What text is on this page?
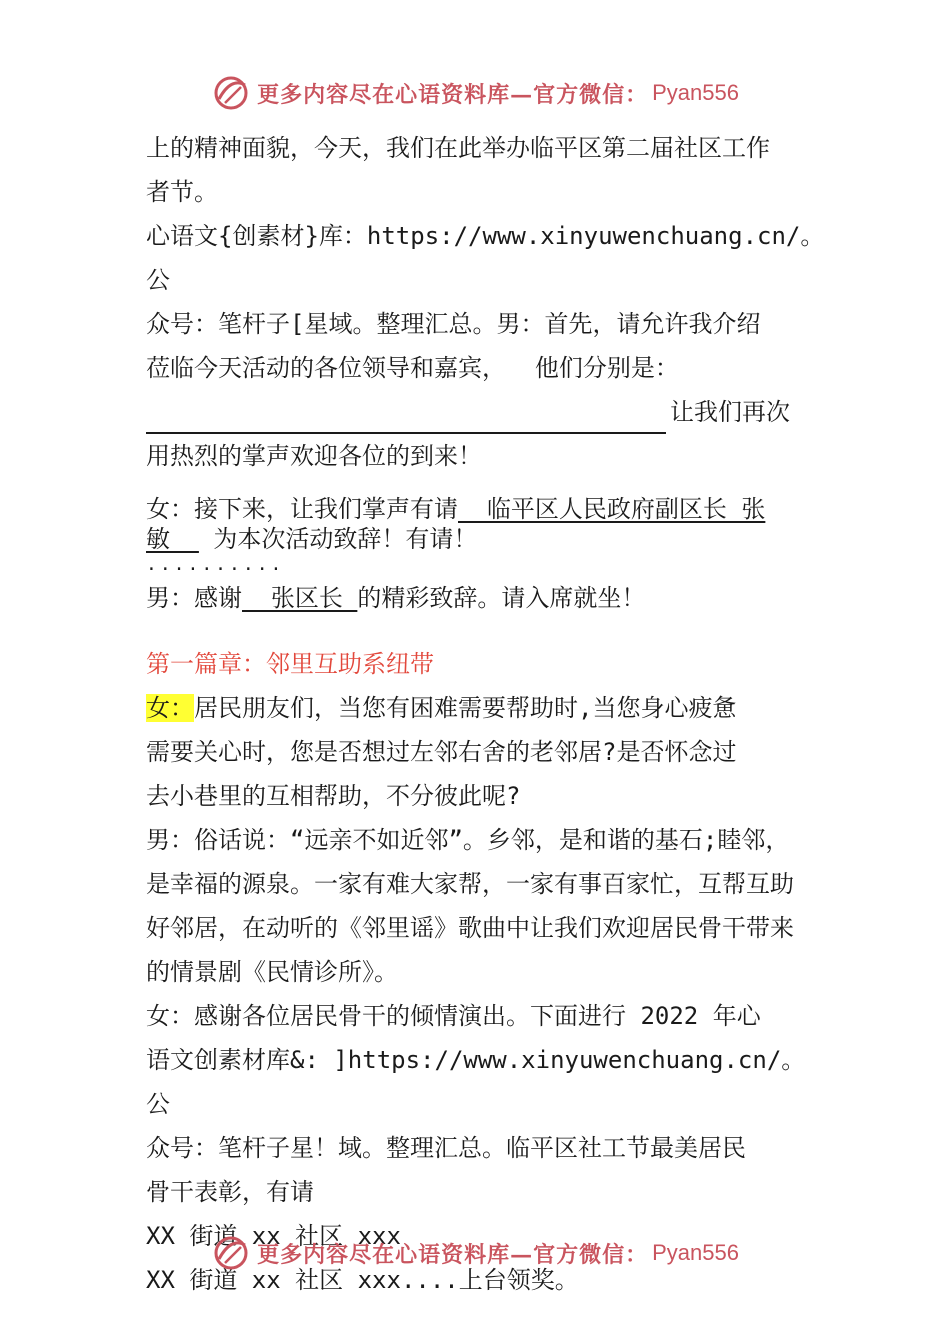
更多内容尽在心语资料库—官方微信： Pyan556

上的精神面貌，今天，我们在此举办临平区第二届社区工作

者节。

心语文{创素材}库：https://www.xinyuwenchuang.cn/。公

众号：笔杆子[星域。整理汇总。男：首先，请允许我介绍

莅临今天活动的各位领导和嘉宾，  他们分别是：

让我们再次

用热烈的掌声欢迎各位的到来！

女：接下来，让我们掌声有请  临平区人民政府副区长 张

敏   为本次活动致辞！有请！

..........

男：感谢  张区长 的精彩致辞。请入席就坐！

第一篇章：邻里互助系纽带

女：居民朋友们，当您有困难需要帮助时,当您身心疲惫

需要关心时，您是否想过左邻右舍的老邻居?是否怀念过

去小巷里的互相帮助，不分彼此呢?

男：俗话说：“远亲不如近邻”。乡邻，是和谐的基石;睦邻，

是幸福的源泉。一家有难大家帮，一家有事百家忙，互帮互助

好邻居，在动听的《邻里谣》歌曲中让我们欢迎居民骨干带来

的情景剧《民情诊所》。

女：感谢各位居民骨干的倾情演出。下面进行 2022 年心

语文创素材库&: ]https://www.xinyuwenchuang.cn/。公

众号：笔杆子星！域。整理汇总。临平区社工节最美居民

骨干表彰，有请

XX 街道 xx 社区 xxx

XX 街道 xx 社区 xxx....上台领奖。

更多内容尽在心语资料库—官方微信： Pyan556
